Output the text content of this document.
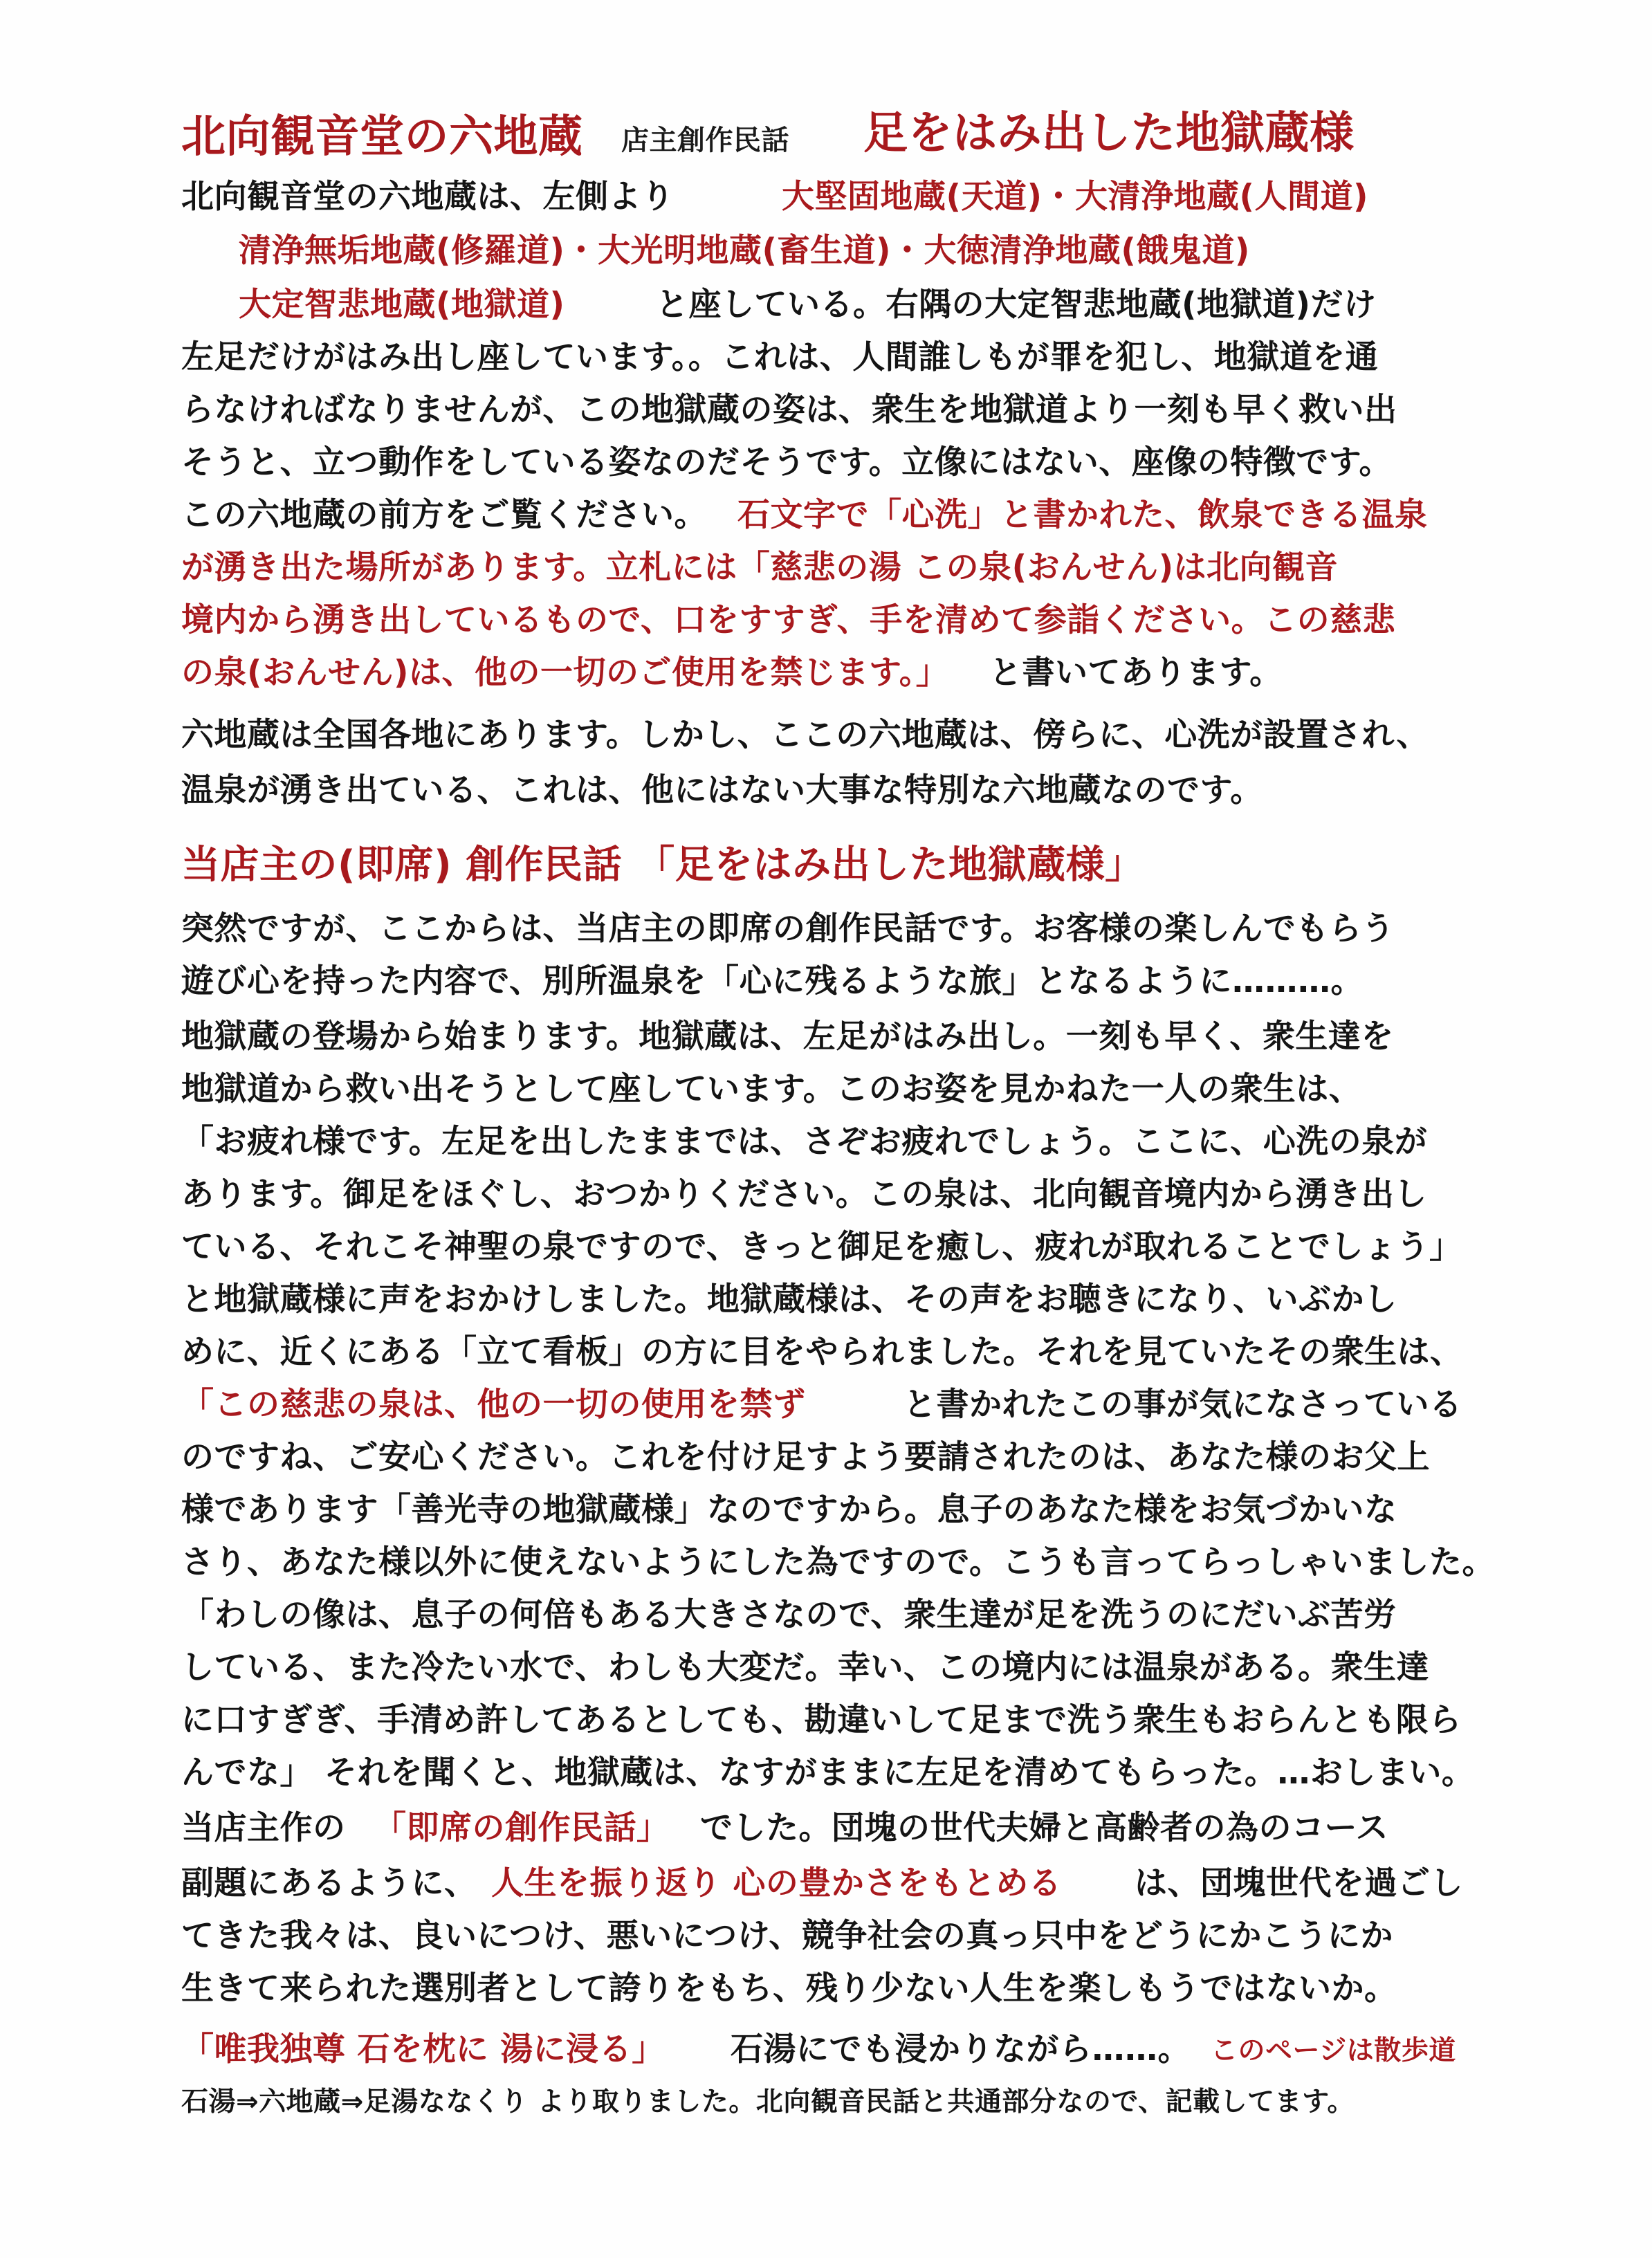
北向観音堂の六地蔵 店主創作民話 足をはみ出した地獄蔵様
北向観音堂の六地蔵は、左側より	大堅固地蔵(天道)・大清浄地蔵(人間道)
清浄無垢地蔵(修羅道)・大光明地蔵(畜生道)・大徳清浄地蔵(餓鬼道)
大定智悲地蔵(地獄道)	と座している。右隅の大定智悲地蔵(地獄道)だけ
左足だけがはみ出し座しています。。これは、人間誰しもが罪を犯し、地獄道を通
らなければなりませんが、この地獄蔵の姿は、衆生を地獄道より一刻も早く救い出
そうと、立つ動作をしている姿なのだそうです。立像にはない、座像の特徴です。
この六地蔵の前方をご覧ください。 石文字で「心洗」と書かれた、飲泉できる温泉
が湧き出た場所があります。立札には「慈悲の湯 この泉(おんせん)は北向観音
境内から湧き出しているもので、口をすすぎ、手を清めて参詣ください。この慈悲
の泉(おんせん)は、他の一切のご使用を禁じます。」 と書いてあります。
六地蔵は全国各地にあります。しかし、ここの六地蔵は、傍らに、心洗が設置され、
温泉が湧き出ている、これは、他にはない大事な特別な六地蔵なのです。
当店主の(即席) 創作民話 「足をはみ出した地獄蔵様」
突然ですが、ここからは、当店主の即席の創作民話です。お客様の楽しんでもらう
遊び心を持った内容で、別所温泉を「心に残るような旅」となるように………。
地獄蔵の登場から始まります。地獄蔵は、左足がはみ出し。一刻も早く、衆生達を
地獄道から救い出そうとして座しています。このお姿を見かねた一人の衆生は、
「お疲れ様です。左足を出したままでは、さぞお疲れでしょう。ここに、心洗の泉が
あります。御足をほぐし、おつかりください。この泉は、北向観音境内から湧き出し
ている、それこそ神聖の泉ですので、きっと御足を癒し、疲れが取れることでしょう」
と地獄蔵様に声をおかけしました。地獄蔵様は、その声をお聴きになり、いぶかし
めに、近くにある「立て看板」の方に目をやられました。それを見ていたその衆生は、
「この慈悲の泉は、他の一切の使用を禁ず	と書かれたこの事が気になさっている
のですね、ご安心ください。これを付け足すよう要請されたのは、あなた様のお父上
様であります「善光寺の地獄蔵様」なのですから。息子のあなた様をお気づかいな
さり、あなた様以外に使えないようにした為ですので。こうも言ってらっしゃいました。
「わしの像は、息子の何倍もある大きさなので、衆生達が足を洗うのにだいぶ苦労
している、また冷たい水で、わしも大変だ。幸い、この境内には温泉がある。衆生達
に口すぎぎ、手清め許してあるとしても、勘違いして足まで洗う衆生もおらんとも限ら
んでな」 それを聞くと、地獄蔵は、なすがままに左足を清めてもらった。…おしまい。
当店主作の 「即席の創作民話」 でした。団塊の世代夫婦と高齢者の為のコース
副題にあるように、 人生を振り返り 心の豊かさをもとめる は、団塊世代を過ごし
てきた我々は、良いにつけ、悪いにつけ、競争社会の真っ只中をどうにかこうにか
生きて来られた選別者として誇りをもち、残り少ない人生を楽しもうではないか。
「唯我独尊 石を枕に 湯に浸る」 石湯にでも浸かりながら……。 このページは散歩道
石湯⇒六地蔵⇒足湯ななくり より取りました。北向観音民話と共通部分なので、記載してます。
